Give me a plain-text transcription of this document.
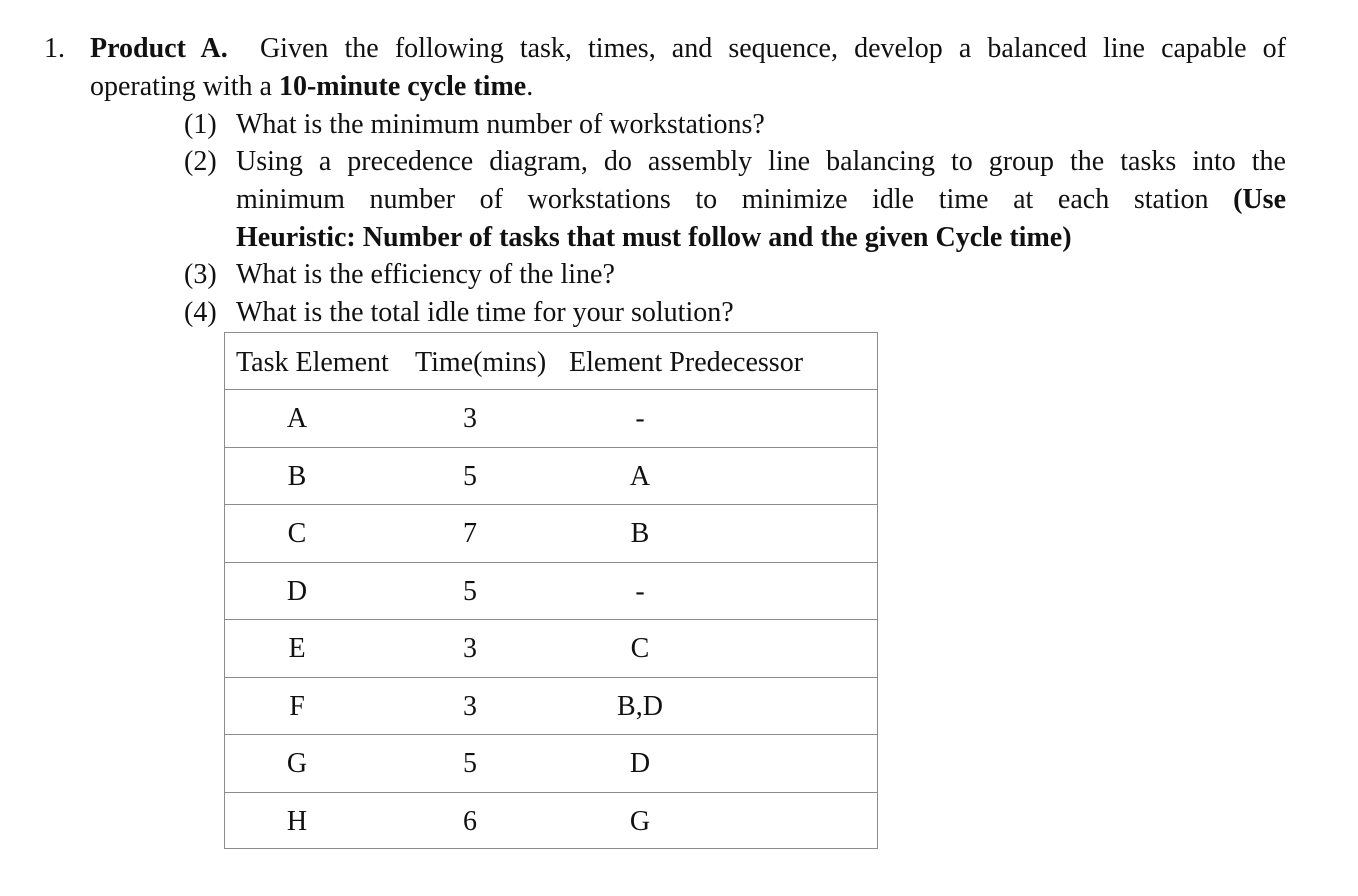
1. Product A. Given the following task, times, and sequence, develop a balanced line capable of
operating with a 10-minute cycle time.
(1) What is the minimum number of workstations?
(2) Using a precedence diagram, do assembly line balancing to group the tasks into the
minimum number of workstations to minimize idle time at each station (Use
Heuristic: Number of tasks that must follow and the given Cycle time)
(3) What is the efficiency of the line?
(4) What is the total idle time for your solution?
Task Element Time(mins) Element Predecessor
A	3	-
B	5	A
C	7	B
D	5	-
E	3	C
F	3	B,D
G	5	D
H	6	G
